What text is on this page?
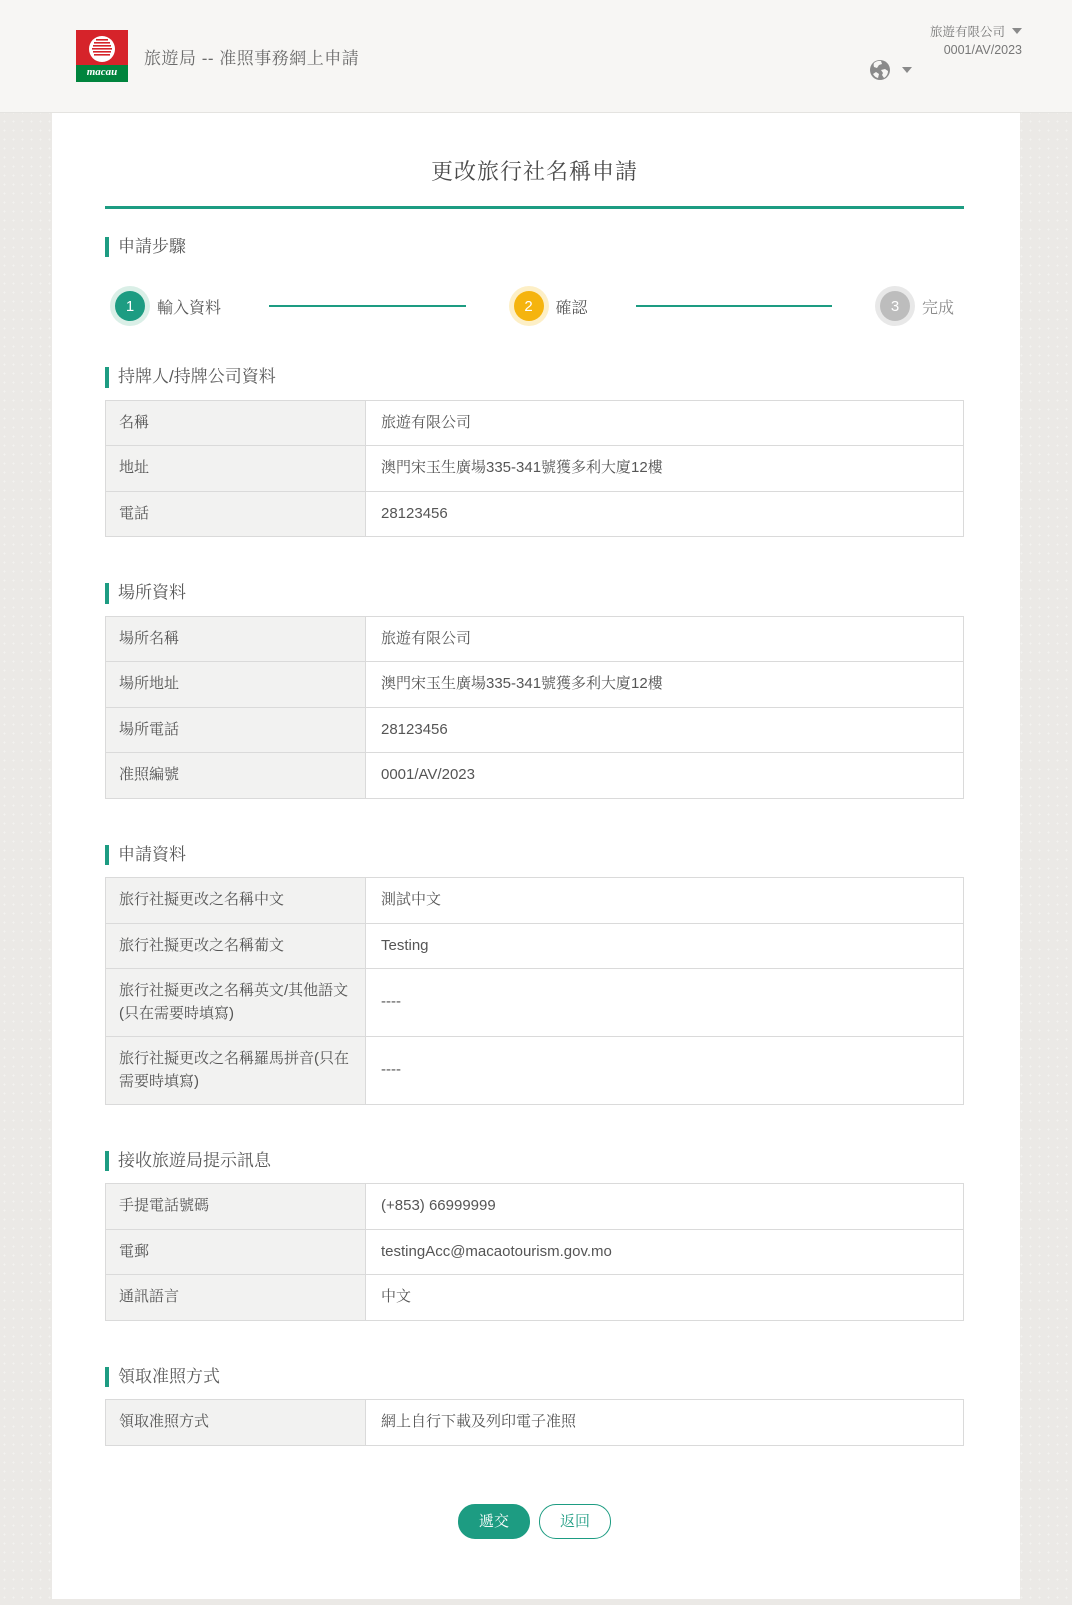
macau
旅遊局 -- 准照事務網上申請
旅遊有限公司
0001/AV/2023
更改旅行社名稱申請
申請步驟
1	輸入資料	2	確認	3	完成
持牌人/持牌公司資料
名稱	旅遊有限公司
地址	澳門宋玉生廣場335-341號獲多利大廈12樓
電話	28123456
場所資料
場所名稱	旅遊有限公司
場所地址	澳門宋玉生廣場335-341號獲多利大廈12樓
場所電話	28123456
准照編號	0001/AV/2023
申請資料
旅行社擬更改之名稱中文	測試中文
旅行社擬更改之名稱葡文	Testing
旅行社擬更改之名稱英文/其他語文(只在需要時填寫)	----
旅行社擬更改之名稱羅馬拼音(只在需要時填寫)	----
接收旅遊局提示訊息
手提電話號碼	(+853) 66999999
電郵	testingAcc@macaotourism.gov.mo
通訊語言	中文
領取准照方式
領取准照方式	網上自行下載及列印電子准照
遞交	返回
